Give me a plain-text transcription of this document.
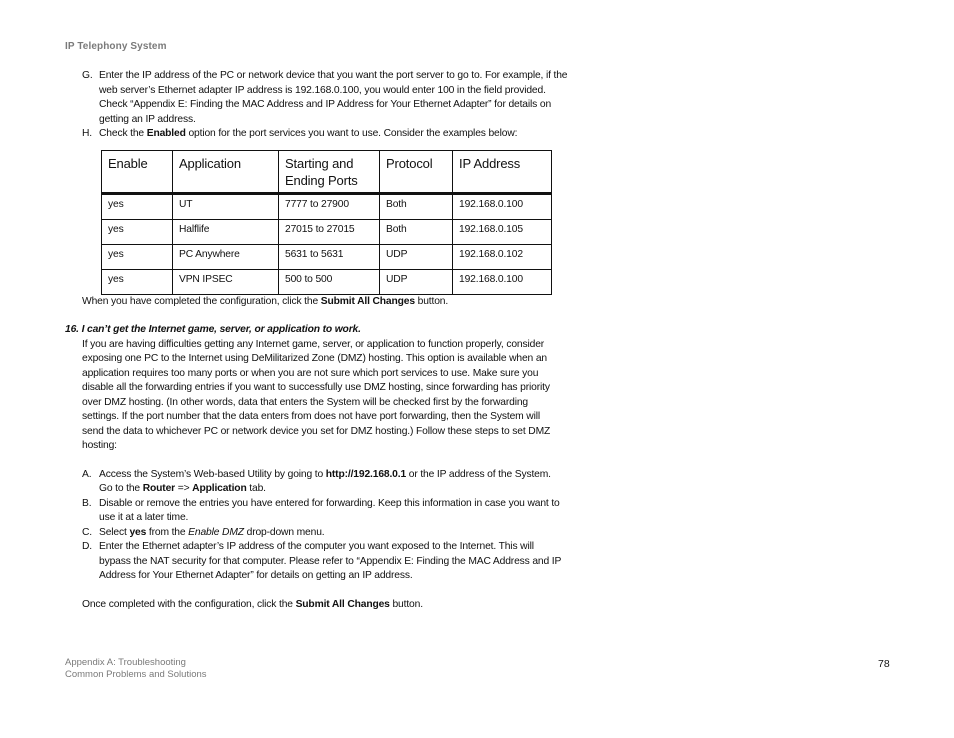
IP Telephony System
G. Enter the IP address of the PC or network device that you want the port server to go to. For example, if the
web server’s Ethernet adapter IP address is 192.168.0.100, you would enter 100 in the field provided.
Check “Appendix E: Finding the MAC Address and IP Address for Your Ethernet Adapter” for details on
getting an IP address.
H. Check the Enabled option for the port services you want to use. Consider the examples below:
Enable	Application	Starting and
Ending Ports	Protocol	IP Address
yes	UT	7777 to 27900	Both	192.168.0.100
yes	Halflife	27015 to 27015	Both	192.168.0.105
yes	PC Anywhere	5631 to 5631	UDP	192.168.0.102
yes	VPN IPSEC	500 to 500	UDP	192.168.0.100

When you have completed the configuration, click the Submit All Changes button.

16. I can’t get the Internet game, server, or application to work.

If you are having difficulties getting any Internet game, server, or application to function properly, consider
exposing one PC to the Internet using DeMilitarized Zone (DMZ) hosting. This option is available when an
application requires too many ports or when you are not sure which port services to use. Make sure you
disable all the forwarding entries if you want to successfully use DMZ hosting, since forwarding has priority
over DMZ hosting. (In other words, data that enters the System will be checked first by the forwarding
settings. If the port number that the data enters from does not have port forwarding, then the System will
send the data to whichever PC or network device you set for DMZ hosting.) Follow these steps to set DMZ
hosting:

A. Access the System’s Web-based Utility by going to http://192.168.0.1 or the IP address of the System.
Go to the Router => Application tab.
B. Disable or remove the entries you have entered for forwarding. Keep this information in case you want to
use it at a later time.
C. Select yes from the Enable DMZ drop-down menu.
D. Enter the Ethernet adapter’s IP address of the computer you want exposed to the Internet. This will
bypass the NAT security for that computer. Please refer to “Appendix E: Finding the MAC Address and IP
Address for Your Ethernet Adapter” for details on getting an IP address.

Once completed with the configuration, click the Submit All Changes button.

Appendix A: Troubleshooting
Common Problems and Solutions
78
